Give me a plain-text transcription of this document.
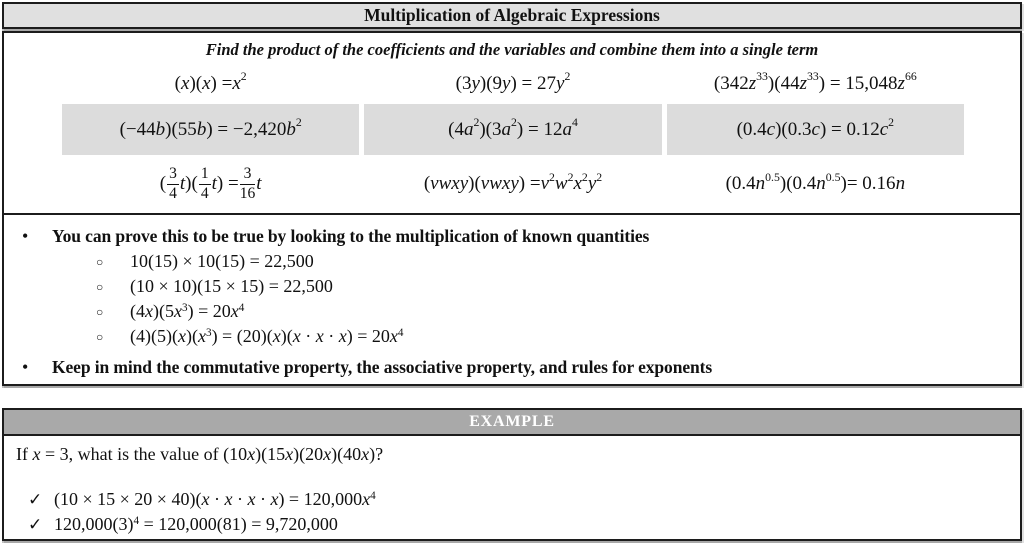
Multiplication of Algebraic Expressions
Find the product of the coefficients and the variables and combine them into a single term
( x )( x ) = x $^2$	(3 y )(9 y ) = 27 y $^2$	(342 z $^{33}$ )(44 z $^{33}$ ) = 15,048 z $^{66}$
(−44 b )(55 b ) = −2,420 b $^2$	(4 a $^2$ )(3 a $^2$ ) = 12 a $^4$	(0.4 c )(0.3 c ) = 0.12 c $^2$
( $\frac{3}{4}$ t )( $\frac{1}{4}$ t ) = $\frac{3}{16}$ t	( vwxy )( vwxy ) = v $^2$ w $^2$ x $^2$ y $^2$	(0.4 n $^{0.5}$ )(0.4 n $^{0.5}$ ) = 0.16 n
•	You can prove this to be true by looking to the multiplication of known quantities
○	10(15) × 10(15) = 22,500
○	(10 × 10)(15 × 15) = 22,500
○	$(4x)(5x^3) = 20x^4$
○	$(4)(5)(x)(x^3) = (20)(x)(x \cdot x \cdot x) = 20x^4$
•	Keep in mind the commutative property, the associative property, and rules for exponents
EXAMPLE
If x = 3, what is the value of (10x)(15x)(20x)(40x)?
✓ $(10 \times 15 \times 20 \times 40)(x \cdot x \cdot x \cdot x) = 120,000x^4$
✓ $120,000(3)^4 = 120,000(81) = 9,720,000$
